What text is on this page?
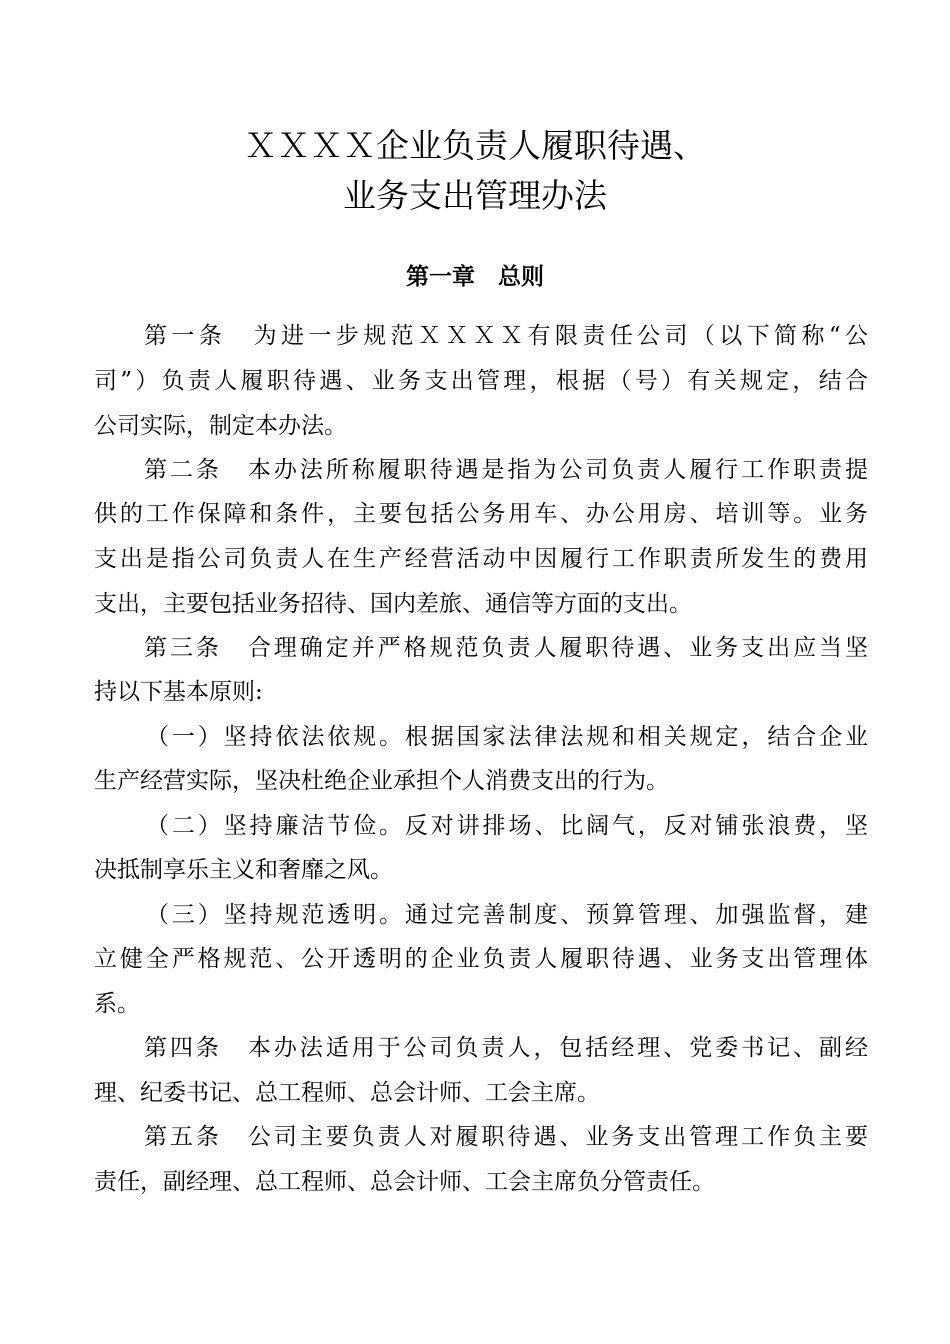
ＸＸＸＸ企业负责人履职待遇、
业务支出管理办法
第一章　总则
第一条　为进一步规范ＸＸＸＸ有限责任公司（以下简称“公
司”）负责人履职待遇、业务支出管理，根据（号）有关规定，结合
公司实际，制定本办法。
第二条　本办法所称履职待遇是指为公司负责人履行工作职责提
供的工作保障和条件，主要包括公务用车、办公用房、培训等。业务
支出是指公司负责人在生产经营活动中因履行工作职责所发生的费用
支出，主要包括业务招待、国内差旅、通信等方面的支出。
第三条　合理确定并严格规范负责人履职待遇、业务支出应当坚
持以下基本原则:
（一）坚持依法依规。根据国家法律法规和相关规定，结合企业
生产经营实际，坚决杜绝企业承担个人消费支出的行为。
（二）坚持廉洁节俭。反对讲排场、比阔气，反对铺张浪费，坚
决抵制享乐主义和奢靡之风。
（三）坚持规范透明。通过完善制度、预算管理、加强监督，建
立健全严格规范、公开透明的企业负责人履职待遇、业务支出管理体
系。
第四条　本办法适用于公司负责人，包括经理、党委书记、副经
理、纪委书记、总工程师、总会计师、工会主席。
第五条　公司主要负责人对履职待遇、业务支出管理工作负主要
责任，副经理、总工程师、总会计师、工会主席负分管责任。
